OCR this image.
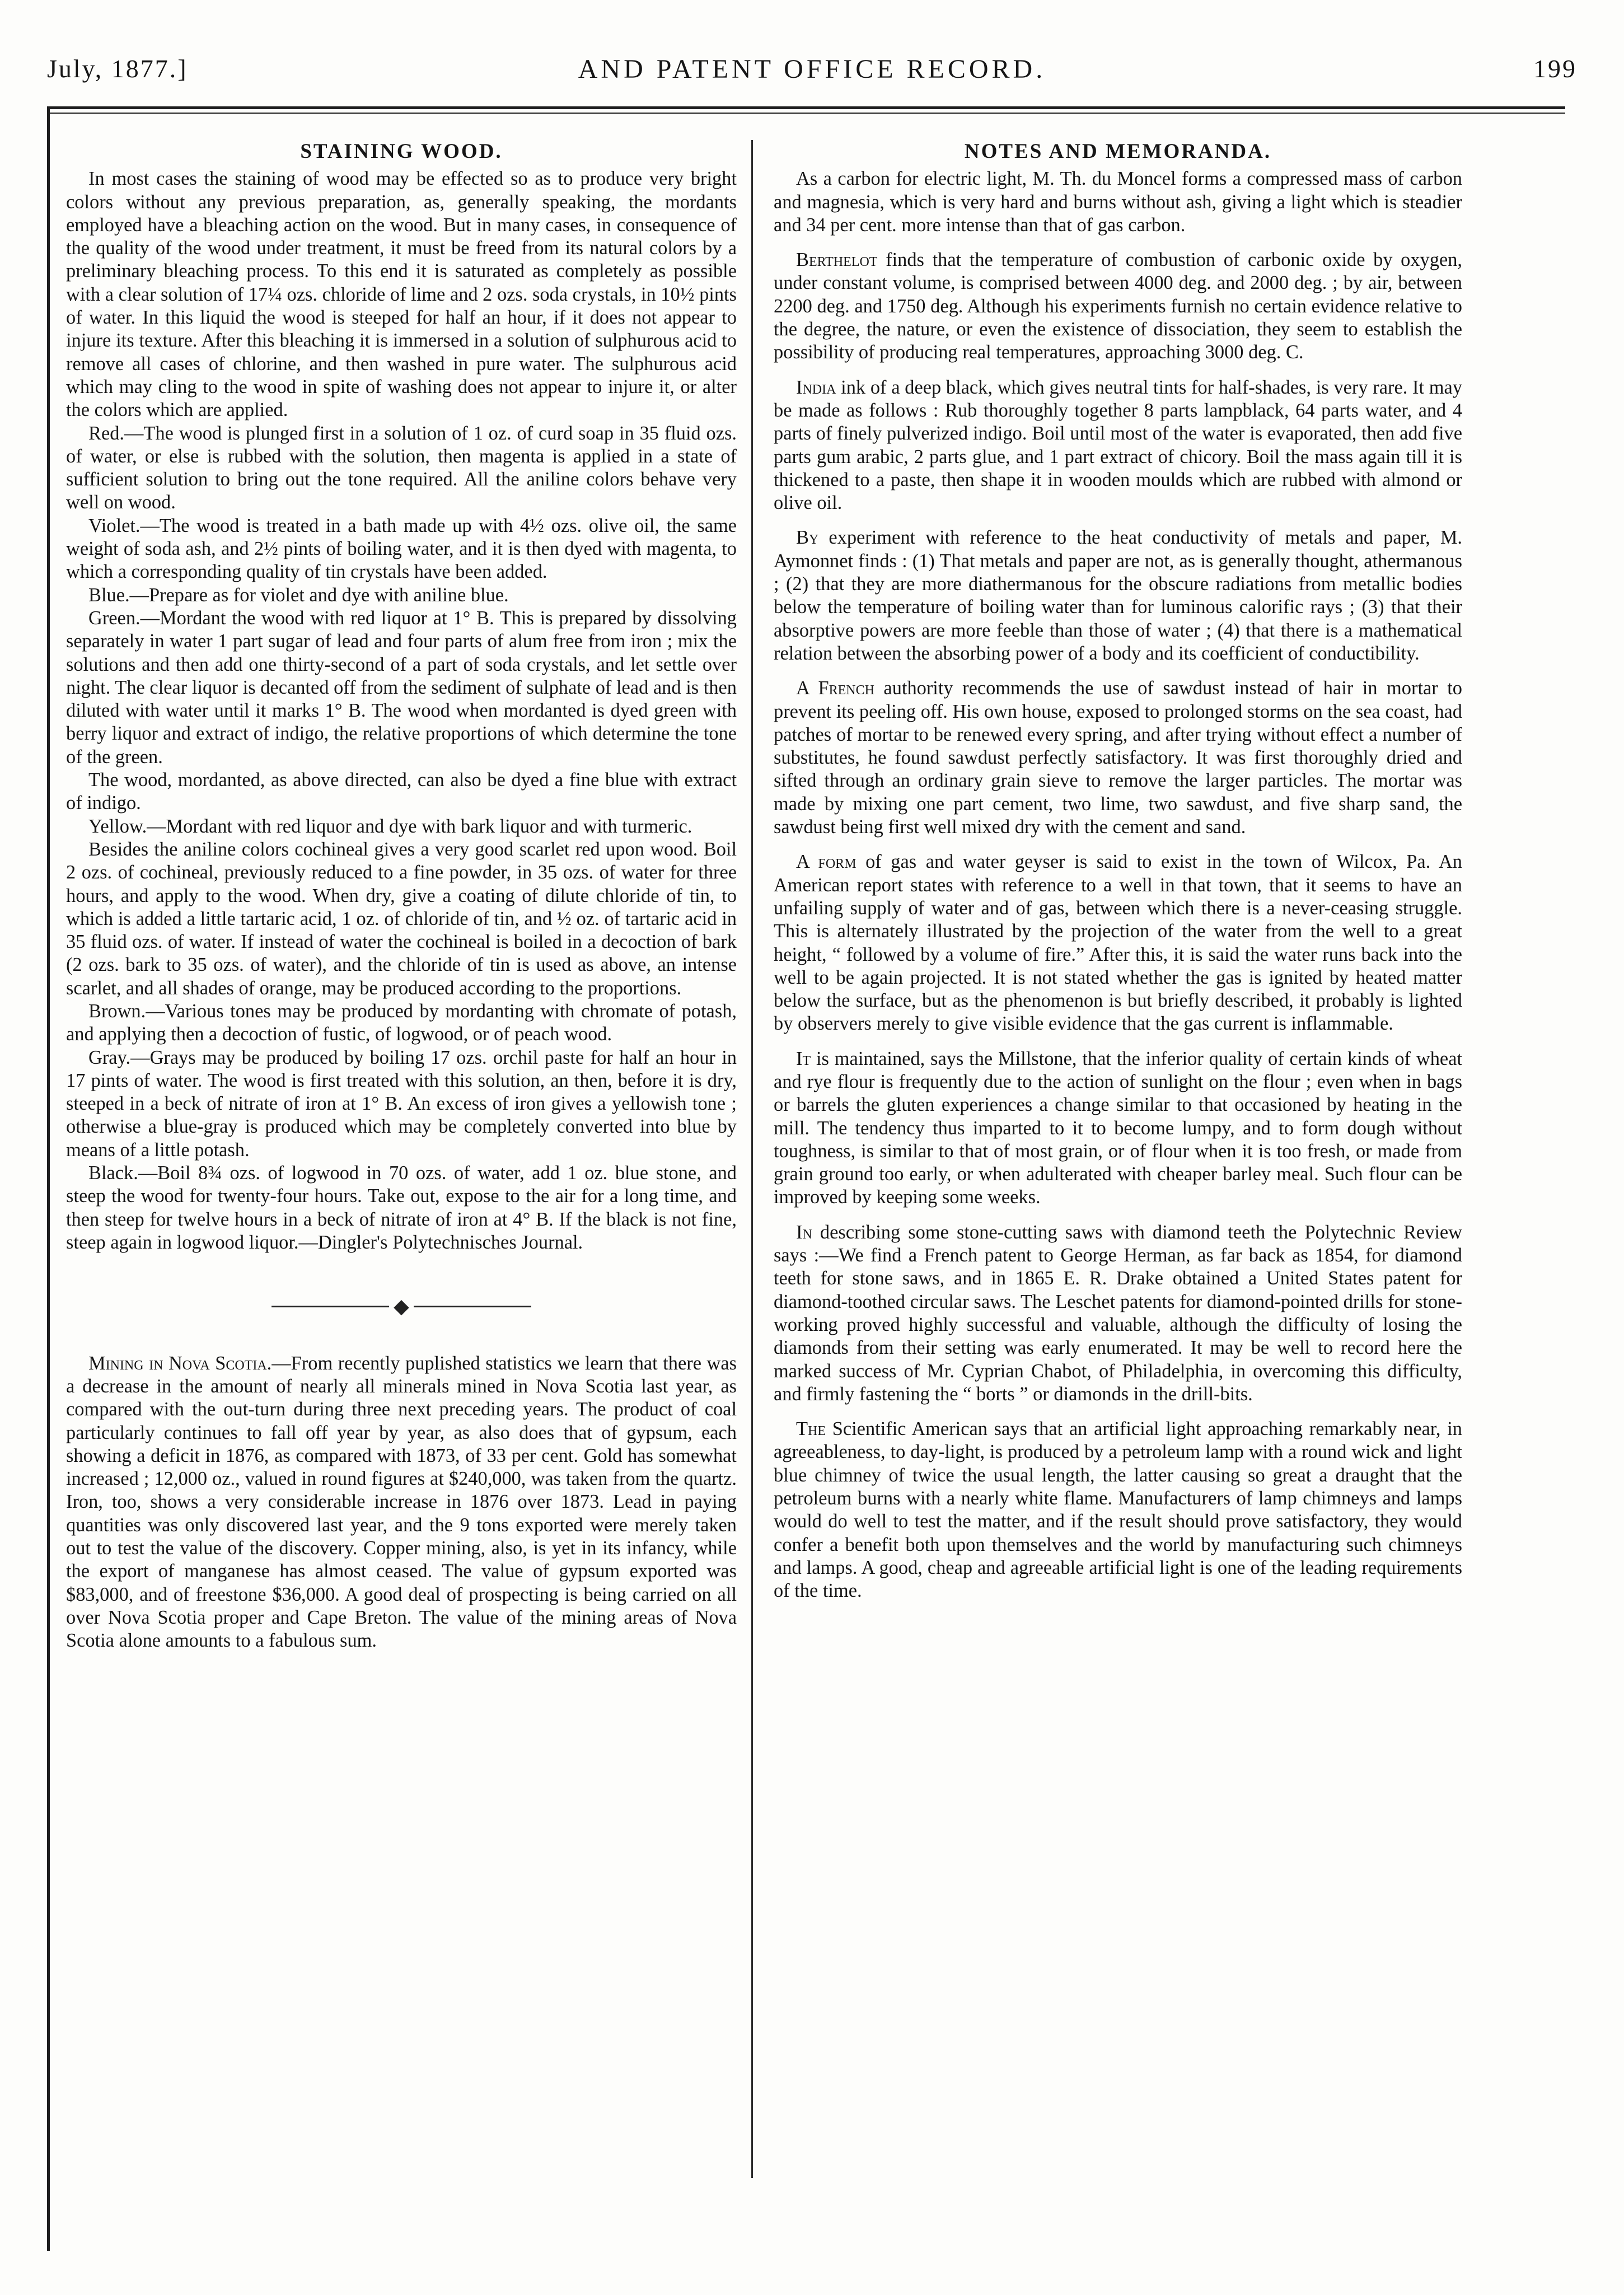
July, 1877.]	AND PATENT OFFICE RECORD.	199
STAINING WOOD.

In most cases the staining of wood may be effected so as to produce very bright colors without any previous preparation, as, generally speaking, the mordants employed have a bleaching action on the wood. But in many cases, in consequence of the quality of the wood under treatment, it must be freed from its natural colors by a preliminary bleaching process. To this end it is saturated as completely as possible with a clear solution of 17¼ ozs. chloride of lime and 2 ozs. soda crystals, in 10½ pints of water. In this liquid the wood is steeped for half an hour, if it does not appear to injure its texture. After this bleaching it is immersed in a solution of sulphurous acid to remove all cases of chlorine, and then washed in pure water. The sulphurous acid which may cling to the wood in spite of washing does not appear to injure it, or alter the colors which are applied.

Red.—The wood is plunged first in a solution of 1 oz. of curd soap in 35 fluid ozs. of water, or else is rubbed with the solution, then magenta is applied in a state of sufficient solution to bring out the tone required. All the aniline colors behave very well on wood.

Violet.—The wood is treated in a bath made up with 4½ ozs. olive oil, the same weight of soda ash, and 2½ pints of boiling water, and it is then dyed with magenta, to which a corresponding quality of tin crystals have been added.

Blue.—Prepare as for violet and dye with aniline blue.

Green.—Mordant the wood with red liquor at 1° B. This is prepared by dissolving separately in water 1 part sugar of lead and four parts of alum free from iron ; mix the solutions and then add one thirty-second of a part of soda crystals, and let settle over night. The clear liquor is decanted off from the sediment of sulphate of lead and is then diluted with water until it marks 1° B. The wood when mordanted is dyed green with berry liquor and extract of indigo, the relative proportions of which determine the tone of the green.

The wood, mordanted, as above directed, can also be dyed a fine blue with extract of indigo.

Yellow.—Mordant with red liquor and dye with bark liquor and with turmeric.

Besides the aniline colors cochineal gives a very good scarlet red upon wood. Boil 2 ozs. of cochineal, previously reduced to a fine powder, in 35 ozs. of water for three hours, and apply to the wood. When dry, give a coating of dilute chloride of tin, to which is added a little tartaric acid, 1 oz. of chloride of tin, and ½ oz. of tartaric acid in 35 fluid ozs. of water. If instead of water the cochineal is boiled in a decoction of bark (2 ozs. bark to 35 ozs. of water), and the chloride of tin is used as above, an intense scarlet, and all shades of orange, may be produced according to the proportions.

Brown.—Various tones may be produced by mordanting with chromate of potash, and applying then a decoction of fustic, of logwood, or of peach wood.

Gray.—Grays may be produced by boiling 17 ozs. orchil paste for half an hour in 17 pints of water. The wood is first treated with this solution, an then, before it is dry, steeped in a beck of nitrate of iron at 1° B. An excess of iron gives a yellowish tone ; otherwise a blue-gray is produced which may be completely converted into blue by means of a little potash.

Black.—Boil 8¾ ozs. of logwood in 70 ozs. of water, add 1 oz. blue stone, and steep the wood for twenty-four hours. Take out, expose to the air for a long time, and then steep for twelve hours in a beck of nitrate of iron at 4° B. If the black is not fine, steep again in logwood liquor.—Dingler's Polytechnisches Journal.

◆

Mining in Nova Scotia.—From recently puplished statistics we learn that there was a decrease in the amount of nearly all minerals mined in Nova Scotia last year, as compared with the out-turn during three next preceding years. The product of coal particularly continues to fall off year by year, as also does that of gypsum, each showing a deficit in 1876, as compared with 1873, of 33 per cent. Gold has somewhat increased ; 12,000 oz., valued in round figures at $240,000, was taken from the quartz. Iron, too, shows a very considerable increase in 1876 over 1873. Lead in paying quantities was only discovered last year, and the 9 tons exported were merely taken out to test the value of the discovery. Copper mining, also, is yet in its infancy, while the export of manganese has almost ceased. The value of gypsum exported was $83,000, and of freestone $36,000. A good deal of prospecting is being carried on all over Nova Scotia proper and Cape Breton. The value of the mining areas of Nova Scotia alone amounts to a fabulous sum.

NOTES AND MEMORANDA.

As a carbon for electric light, M. Th. du Moncel forms a compressed mass of carbon and magnesia, which is very hard and burns without ash, giving a light which is steadier and 34 per cent. more intense than that of gas carbon.

Berthelot finds that the temperature of combustion of carbonic oxide by oxygen, under constant volume, is comprised between 4000 deg. and 2000 deg. ; by air, between 2200 deg. and 1750 deg. Although his experiments furnish no certain evidence relative to the degree, the nature, or even the existence of dissociation, they seem to establish the possibility of producing real temperatures, approaching 3000 deg. C.

India ink of a deep black, which gives neutral tints for half-shades, is very rare. It may be made as follows : Rub thoroughly together 8 parts lampblack, 64 parts water, and 4 parts of finely pulverized indigo. Boil until most of the water is evaporated, then add five parts gum arabic, 2 parts glue, and 1 part extract of chicory. Boil the mass again till it is thickened to a paste, then shape it in wooden moulds which are rubbed with almond or olive oil.

By experiment with reference to the heat conductivity of metals and paper, M. Aymonnet finds : (1) That metals and paper are not, as is generally thought, athermanous ; (2) that they are more diathermanous for the obscure radiations from metallic bodies below the temperature of boiling water than for luminous calorific rays ; (3) that their absorptive powers are more feeble than those of water ; (4) that there is a mathematical relation between the absorbing power of a body and its coefficient of conductibility.

A French authority recommends the use of sawdust instead of hair in mortar to prevent its peeling off. His own house, exposed to prolonged storms on the sea coast, had patches of mortar to be renewed every spring, and after trying without effect a number of substitutes, he found sawdust perfectly satisfactory. It was first thoroughly dried and sifted through an ordinary grain sieve to remove the larger particles. The mortar was made by mixing one part cement, two lime, two sawdust, and five sharp sand, the sawdust being first well mixed dry with the cement and sand.

A form of gas and water geyser is said to exist in the town of Wilcox, Pa. An American report states with reference to a well in that town, that it seems to have an unfailing supply of water and of gas, between which there is a never-ceasing struggle. This is alternately illustrated by the projection of the water from the well to a great height, “ followed by a volume of fire.” After this, it is said the water runs back into the well to be again projected. It is not stated whether the gas is ignited by heated matter below the surface, but as the phenomenon is but briefly described, it probably is lighted by observers merely to give visible evidence that the gas current is inflammable.

It is maintained, says the Millstone, that the inferior quality of certain kinds of wheat and rye flour is frequently due to the action of sunlight on the flour ; even when in bags or barrels the gluten experiences a change similar to that occasioned by heating in the mill. The tendency thus imparted to it to become lumpy, and to form dough without toughness, is similar to that of most grain, or of flour when it is too fresh, or made from grain ground too early, or when adulterated with cheaper barley meal. Such flour can be improved by keeping some weeks.

In describing some stone-cutting saws with diamond teeth the Polytechnic Review says :—We find a French patent to George Herman, as far back as 1854, for diamond teeth for stone saws, and in 1865 E. R. Drake obtained a United States patent for diamond-toothed circular saws. The Leschet patents for diamond-pointed drills for stone-working proved highly successful and valuable, although the difficulty of losing the diamonds from their setting was early enumerated. It may be well to record here the marked success of Mr. Cyprian Chabot, of Philadelphia, in overcoming this difficulty, and firmly fastening the “ borts ” or diamonds in the drill-bits.

The Scientific American says that an artificial light approaching remarkably near, in agreeableness, to day-light, is produced by a petroleum lamp with a round wick and light blue chimney of twice the usual length, the latter causing so great a draught that the petroleum burns with a nearly white flame. Manufacturers of lamp chimneys and lamps would do well to test the matter, and if the result should prove satisfactory, they would confer a benefit both upon themselves and the world by manufacturing such chimneys and lamps. A good, cheap and agreeable artificial light is one of the leading requirements of the time.
